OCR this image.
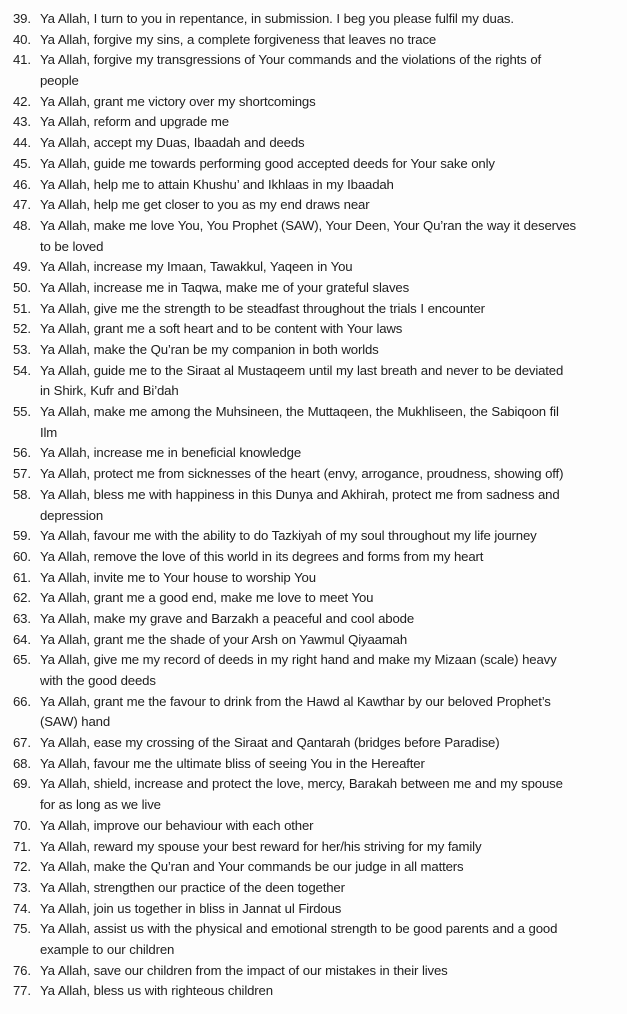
39. Ya Allah, I turn to you in repentance, in submission. I beg you please fulfil my duas.
40. Ya Allah, forgive my sins, a complete forgiveness that leaves no trace
41. Ya Allah, forgive my transgressions of Your commands and the violations of the rights of
people
42. Ya Allah, grant me victory over my shortcomings
43. Ya Allah, reform and upgrade me
44. Ya Allah, accept my Duas, Ibaadah and deeds
45. Ya Allah, guide me towards performing good accepted deeds for Your sake only
46. Ya Allah, help me to attain Khushu’ and Ikhlaas in my Ibaadah
47. Ya Allah, help me get closer to you as my end draws near
48. Ya Allah, make me love You, You Prophet (SAW), Your Deen, Your Qu’ran the way it deserves
to be loved
49. Ya Allah, increase my Imaan, Tawakkul, Yaqeen in You
50. Ya Allah, increase me in Taqwa, make me of your grateful slaves
51. Ya Allah, give me the strength to be steadfast throughout the trials I encounter
52. Ya Allah, grant me a soft heart and to be content with Your laws
53. Ya Allah, make the Qu’ran be my companion in both worlds
54. Ya Allah, guide me to the Siraat al Mustaqeem until my last breath and never to be deviated
in Shirk, Kufr and Bi’dah
55. Ya Allah, make me among the Muhsineen, the Muttaqeen, the Mukhliseen, the Sabiqoon fil
Ilm
56. Ya Allah, increase me in beneficial knowledge
57. Ya Allah, protect me from sicknesses of the heart (envy, arrogance, proudness, showing off)
58. Ya Allah, bless me with happiness in this Dunya and Akhirah, protect me from sadness and
depression
59. Ya Allah, favour me with the ability to do Tazkiyah of my soul throughout my life journey
60. Ya Allah, remove the love of this world in its degrees and forms from my heart
61. Ya Allah, invite me to Your house to worship You
62. Ya Allah, grant me a good end, make me love to meet You
63. Ya Allah, make my grave and Barzakh a peaceful and cool abode
64. Ya Allah, grant me the shade of your Arsh on Yawmul Qiyaamah
65. Ya Allah, give me my record of deeds in my right hand and make my Mizaan (scale) heavy
with the good deeds
66. Ya Allah, grant me the favour to drink from the Hawd al Kawthar by our beloved Prophet’s
(SAW) hand
67. Ya Allah, ease my crossing of the Siraat and Qantarah (bridges before Paradise)
68. Ya Allah, favour me the ultimate bliss of seeing You in the Hereafter
69. Ya Allah, shield, increase and protect the love, mercy, Barakah between me and my spouse
for as long as we live
70. Ya Allah, improve our behaviour with each other
71. Ya Allah, reward my spouse your best reward for her/his striving for my family
72. Ya Allah, make the Qu’ran and Your commands be our judge in all matters
73. Ya Allah, strengthen our practice of the deen together
74. Ya Allah, join us together in bliss in Jannat ul Firdous
75. Ya Allah, assist us with the physical and emotional strength to be good parents and a good
example to our children
76. Ya Allah, save our children from the impact of our mistakes in their lives
77. Ya Allah, bless us with righteous children
